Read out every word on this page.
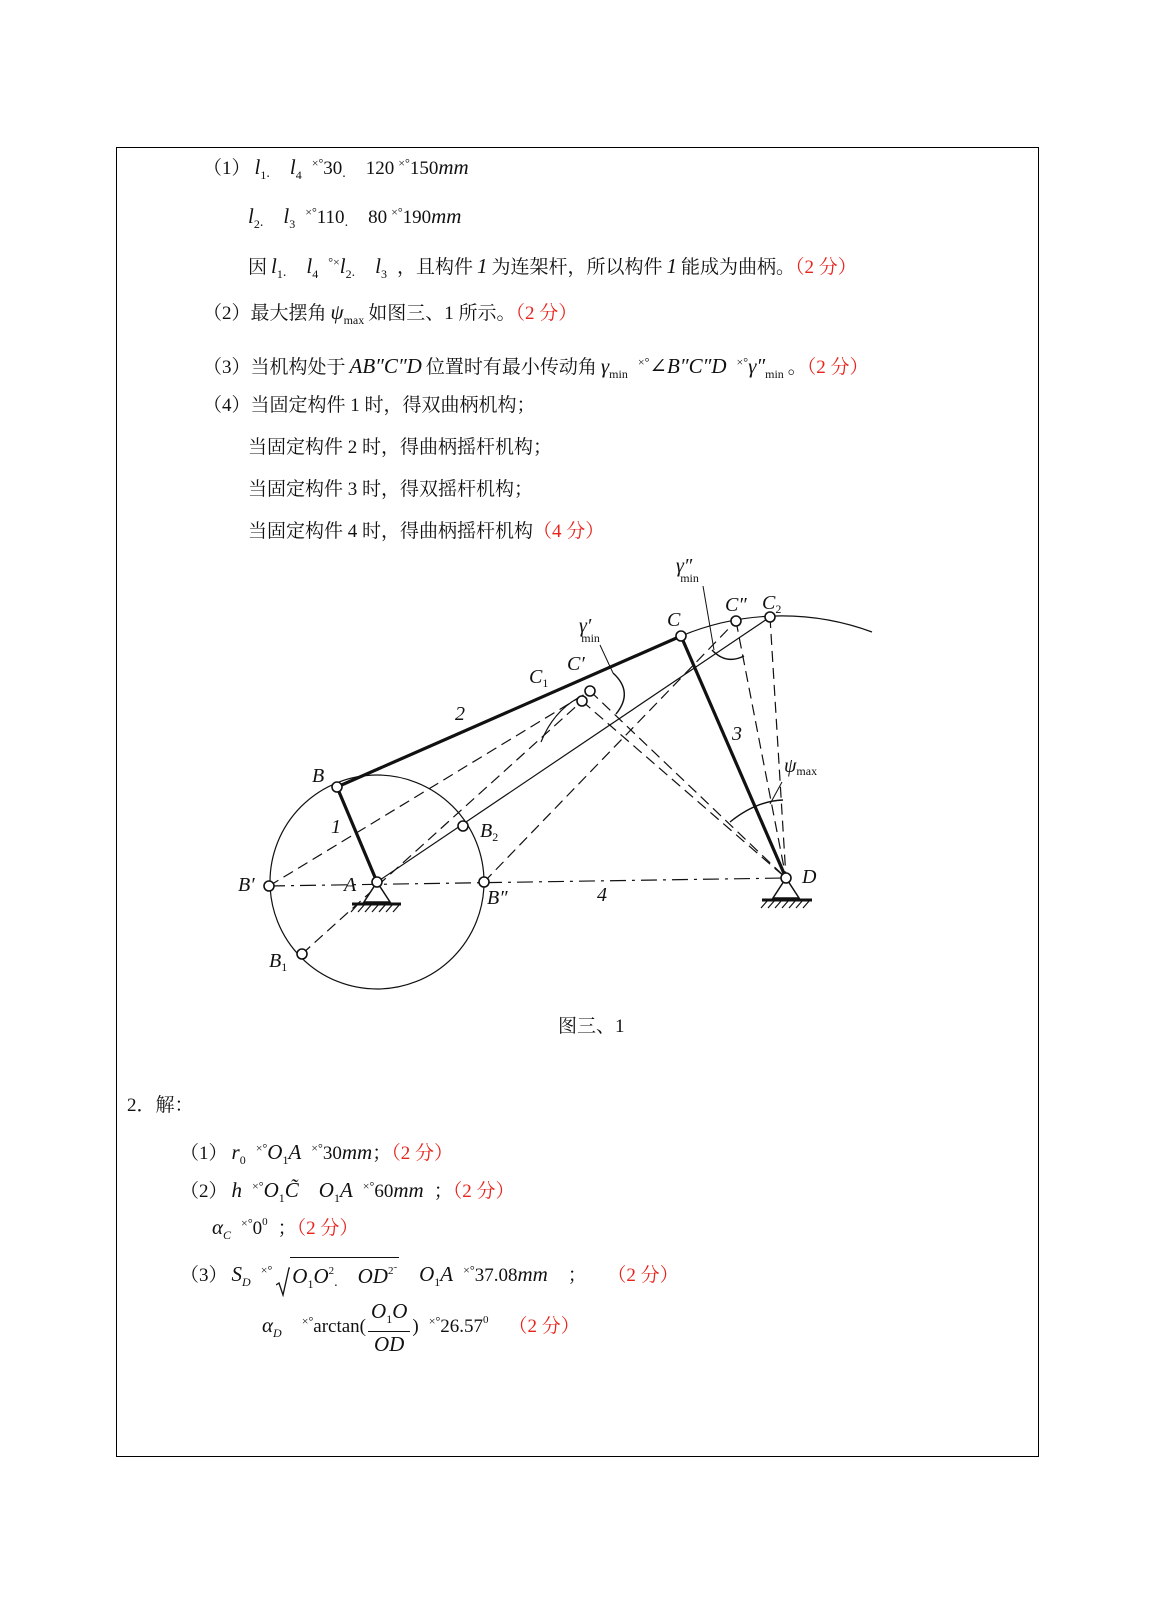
（1） $l_1$. $l_4^{\times^\circ}30$. 120 ×°150mm
$l_2$. $l_3^{\times^\circ}110$. 80 ×°190mm
因 $l_1$. $l_4^{^\circ\times}l_2$. $l_3$ ，且构件 1 为连架杆，所以构件 1 能成为曲柄。（2 分）
（2）最大摆角 $\psi_{max}$ 如图三、1 所示。（2 分）
（3）当机构处于 AB″C″D 位置时有最小传动角 $\gamma_{min}^{\times^\circ}\angle B''C''D$ $^{\times^\circ}\gamma''_{min}$ 。（2 分）
（4）当固定构件 1 时，得双曲柄机构；
当固定构件 2 时，得曲柄摇杆机构；
当固定构件 3 时，得双摇杆机构；
当固定构件 4 时，得曲柄摇杆机构（4 分）
γ″ min
C″ $C_2$
C
γ′ min
$C_1$
C′
2
3
ψmax
B
1	$B_2$
B′	A
B″	4
D
$B_1$
图三、1
2．解：
（1） $r_0^{\times^\circ}O_1A$ ×°30mm；（2 分）
（2） h $^{\times^\circ}O_1C̃$ $O_1A$ ×°60mm ；（2 分）
$\alpha_C^{\times^\circ}0^0$ ；（2 分）
（3） $S_D^{\times^\circ}$ $O_1O^2$. $OD^{2˜}$ $O_1A$ ×°37.08mm ； （2 分）
$\alpha_D^{\times^\circ}\arctan( \frac{O_1O}{OD}$ ) ×°26.57$^0$ （2 分）
